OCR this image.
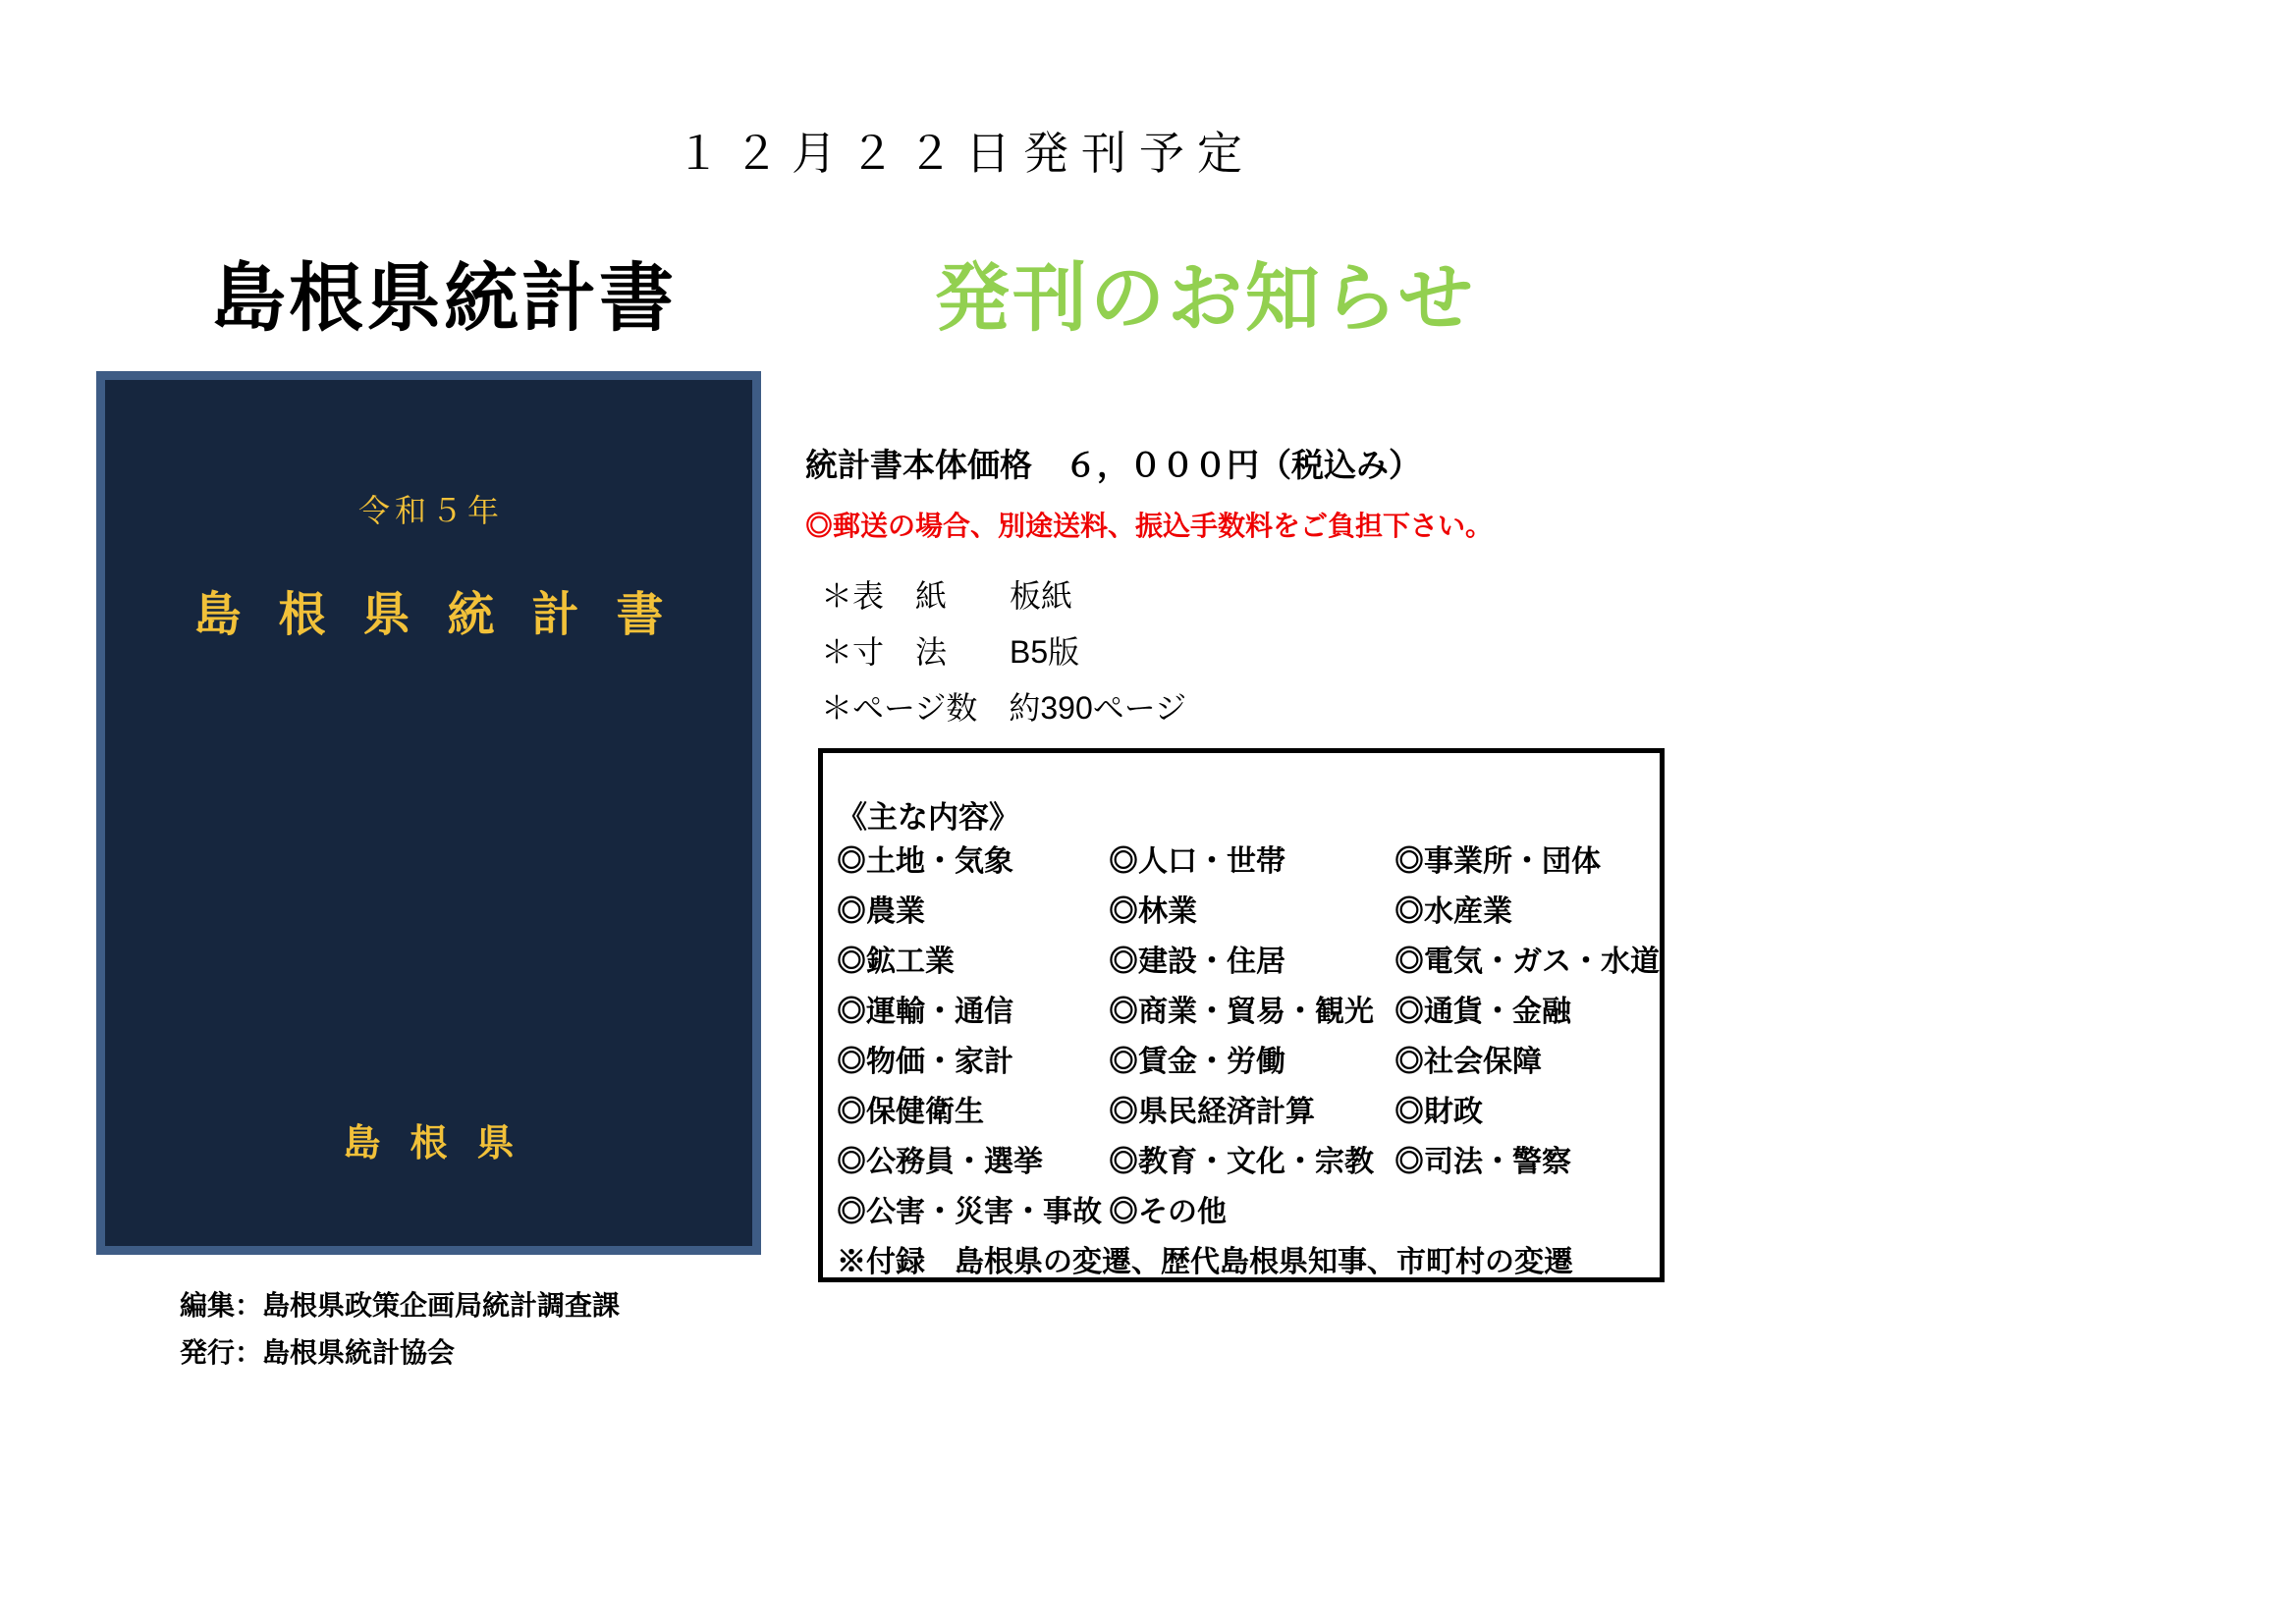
１２月２２日発刊予定
島根県統計書	発刊のお知らせ
令和５年
島根県統計書
島根県
統計書本体価格　６，０００円（税込み）
◎郵送の場合、別途送料、振込手数料をご負担下さい。
＊表　紙　　板紙
＊寸　法　　B5版
＊ページ数　約390ページ
《主な内容》
◎土地・気象	◎人口・世帯	◎事業所・団体
◎農業	◎林業	◎水産業
◎鉱工業	◎建設・住居	◎電気・ガス・水道
◎運輸・通信	◎商業・貿易・観光 ◎通貨・金融
◎物価・家計	◎賃金・労働	◎社会保障
◎保健衛生	◎県民経済計算	◎財政
◎公務員・選挙 ◎教育・文化・宗教 ◎司法・警察
◎公害・災害・事故 ◎その他
※付録　島根県の変遷、歴代島根県知事、市町村の変遷
編集：島根県政策企画局統計調査課
発行：島根県統計協会
